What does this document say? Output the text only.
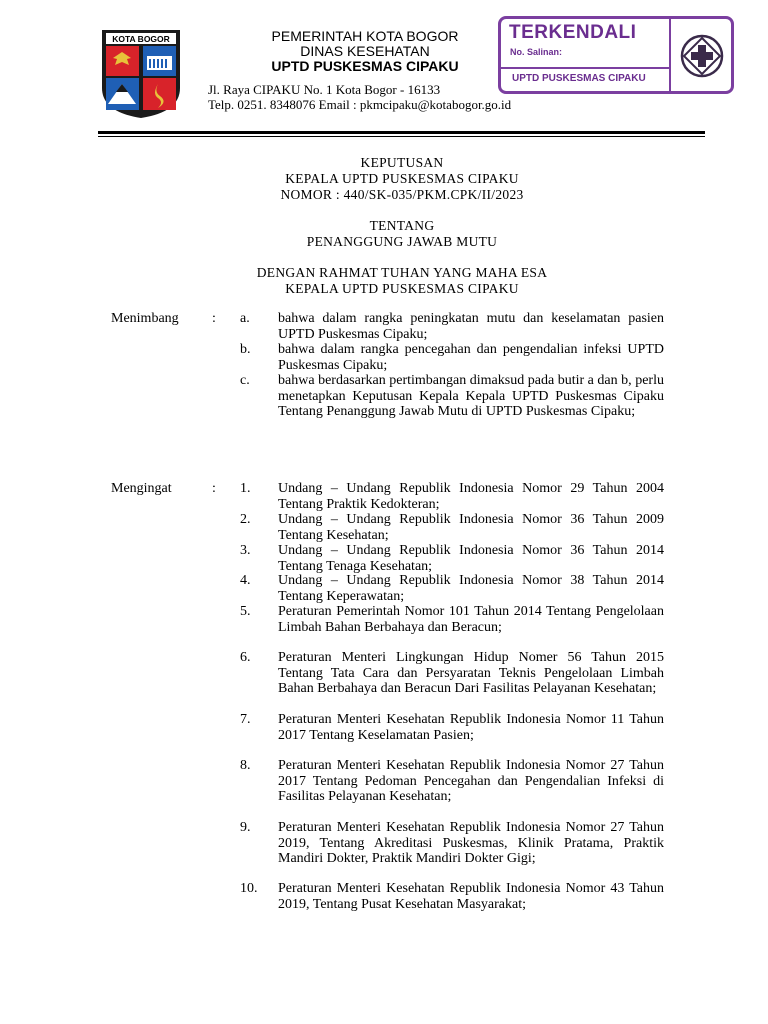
KOTA BOGOR	PEMERINTAH KOTA BOGOR
DINAS KESEHATAN
UPTD PUSKESMAS CIPAKU
Jl. Raya CIPAKU No. 1 Kota Bogor - 16133
Telp. 0251. 8348076 Email : pkmcipaku@kotabogor.go.id
TERKENDALI
No. Salinan:
UPTD PUSKESMAS CIPAKU
KEPUTUSAN
KEPALA UPTD PUSKESMAS CIPAKU
NOMOR : 440/SK-035/PKM.CPK/II/2023
TENTANG
PENANGGUNG JAWAB MUTU
DENGAN RAHMAT TUHAN YANG MAHA ESA
KEPALA UPTD PUSKESMAS CIPAKU
Menimbang : a.	bahwa dalam rangka peningkatan mutu dan keselamatan pasien UPTD Puskesmas Cipaku;
b.	bahwa dalam rangka pencegahan dan pengendalian infeksi UPTD Puskesmas Cipaku;
c.	bahwa berdasarkan pertimbangan dimaksud pada butir a dan b, perlu menetapkan Keputusan Kepala Kepala UPTD Puskesmas Cipaku Tentang Penanggung Jawab Mutu di UPTD Puskesmas Cipaku;
Mengingat	: 1.	Undang – Undang Republik Indonesia Nomor 29 Tahun 2004 Tentang Praktik Kedokteran;
2.	Undang – Undang Republik Indonesia Nomor 36 Tahun 2009 Tentang Kesehatan;
3.	Undang – Undang Republik Indonesia Nomor 36 Tahun 2014 Tentang Tenaga Kesehatan;
4.	Undang – Undang Republik Indonesia Nomor 38 Tahun 2014 Tentang Keperawatan;
5.	Peraturan Pemerintah Nomor 101 Tahun 2014 Tentang Pengelolaan Limbah Bahan Berbahaya dan Beracun;
6.	Peraturan Menteri Lingkungan Hidup Nomer 56 Tahun 2015 Tentang Tata Cara dan Persyaratan Teknis Pengelolaan Limbah Bahan Berbahaya dan Beracun Dari Fasilitas Pelayanan Kesehatan;
7.	Peraturan Menteri Kesehatan Republik Indonesia Nomor 11 Tahun 2017 Tentang Keselamatan Pasien;
8.	Peraturan Menteri Kesehatan Republik Indonesia Nomor 27 Tahun 2017 Tentang Pedoman Pencegahan dan Pengendalian Infeksi di Fasilitas Pelayanan Kesehatan;
9.	Peraturan Menteri Kesehatan Republik Indonesia Nomor 27 Tahun 2019, Tentang Akreditasi Puskesmas, Klinik Pratama, Praktik Mandiri Dokter, Praktik Mandiri Dokter Gigi;
10.	Peraturan Menteri Kesehatan Republik Indonesia Nomor 43 Tahun 2019, Tentang Pusat Kesehatan Masyarakat;
